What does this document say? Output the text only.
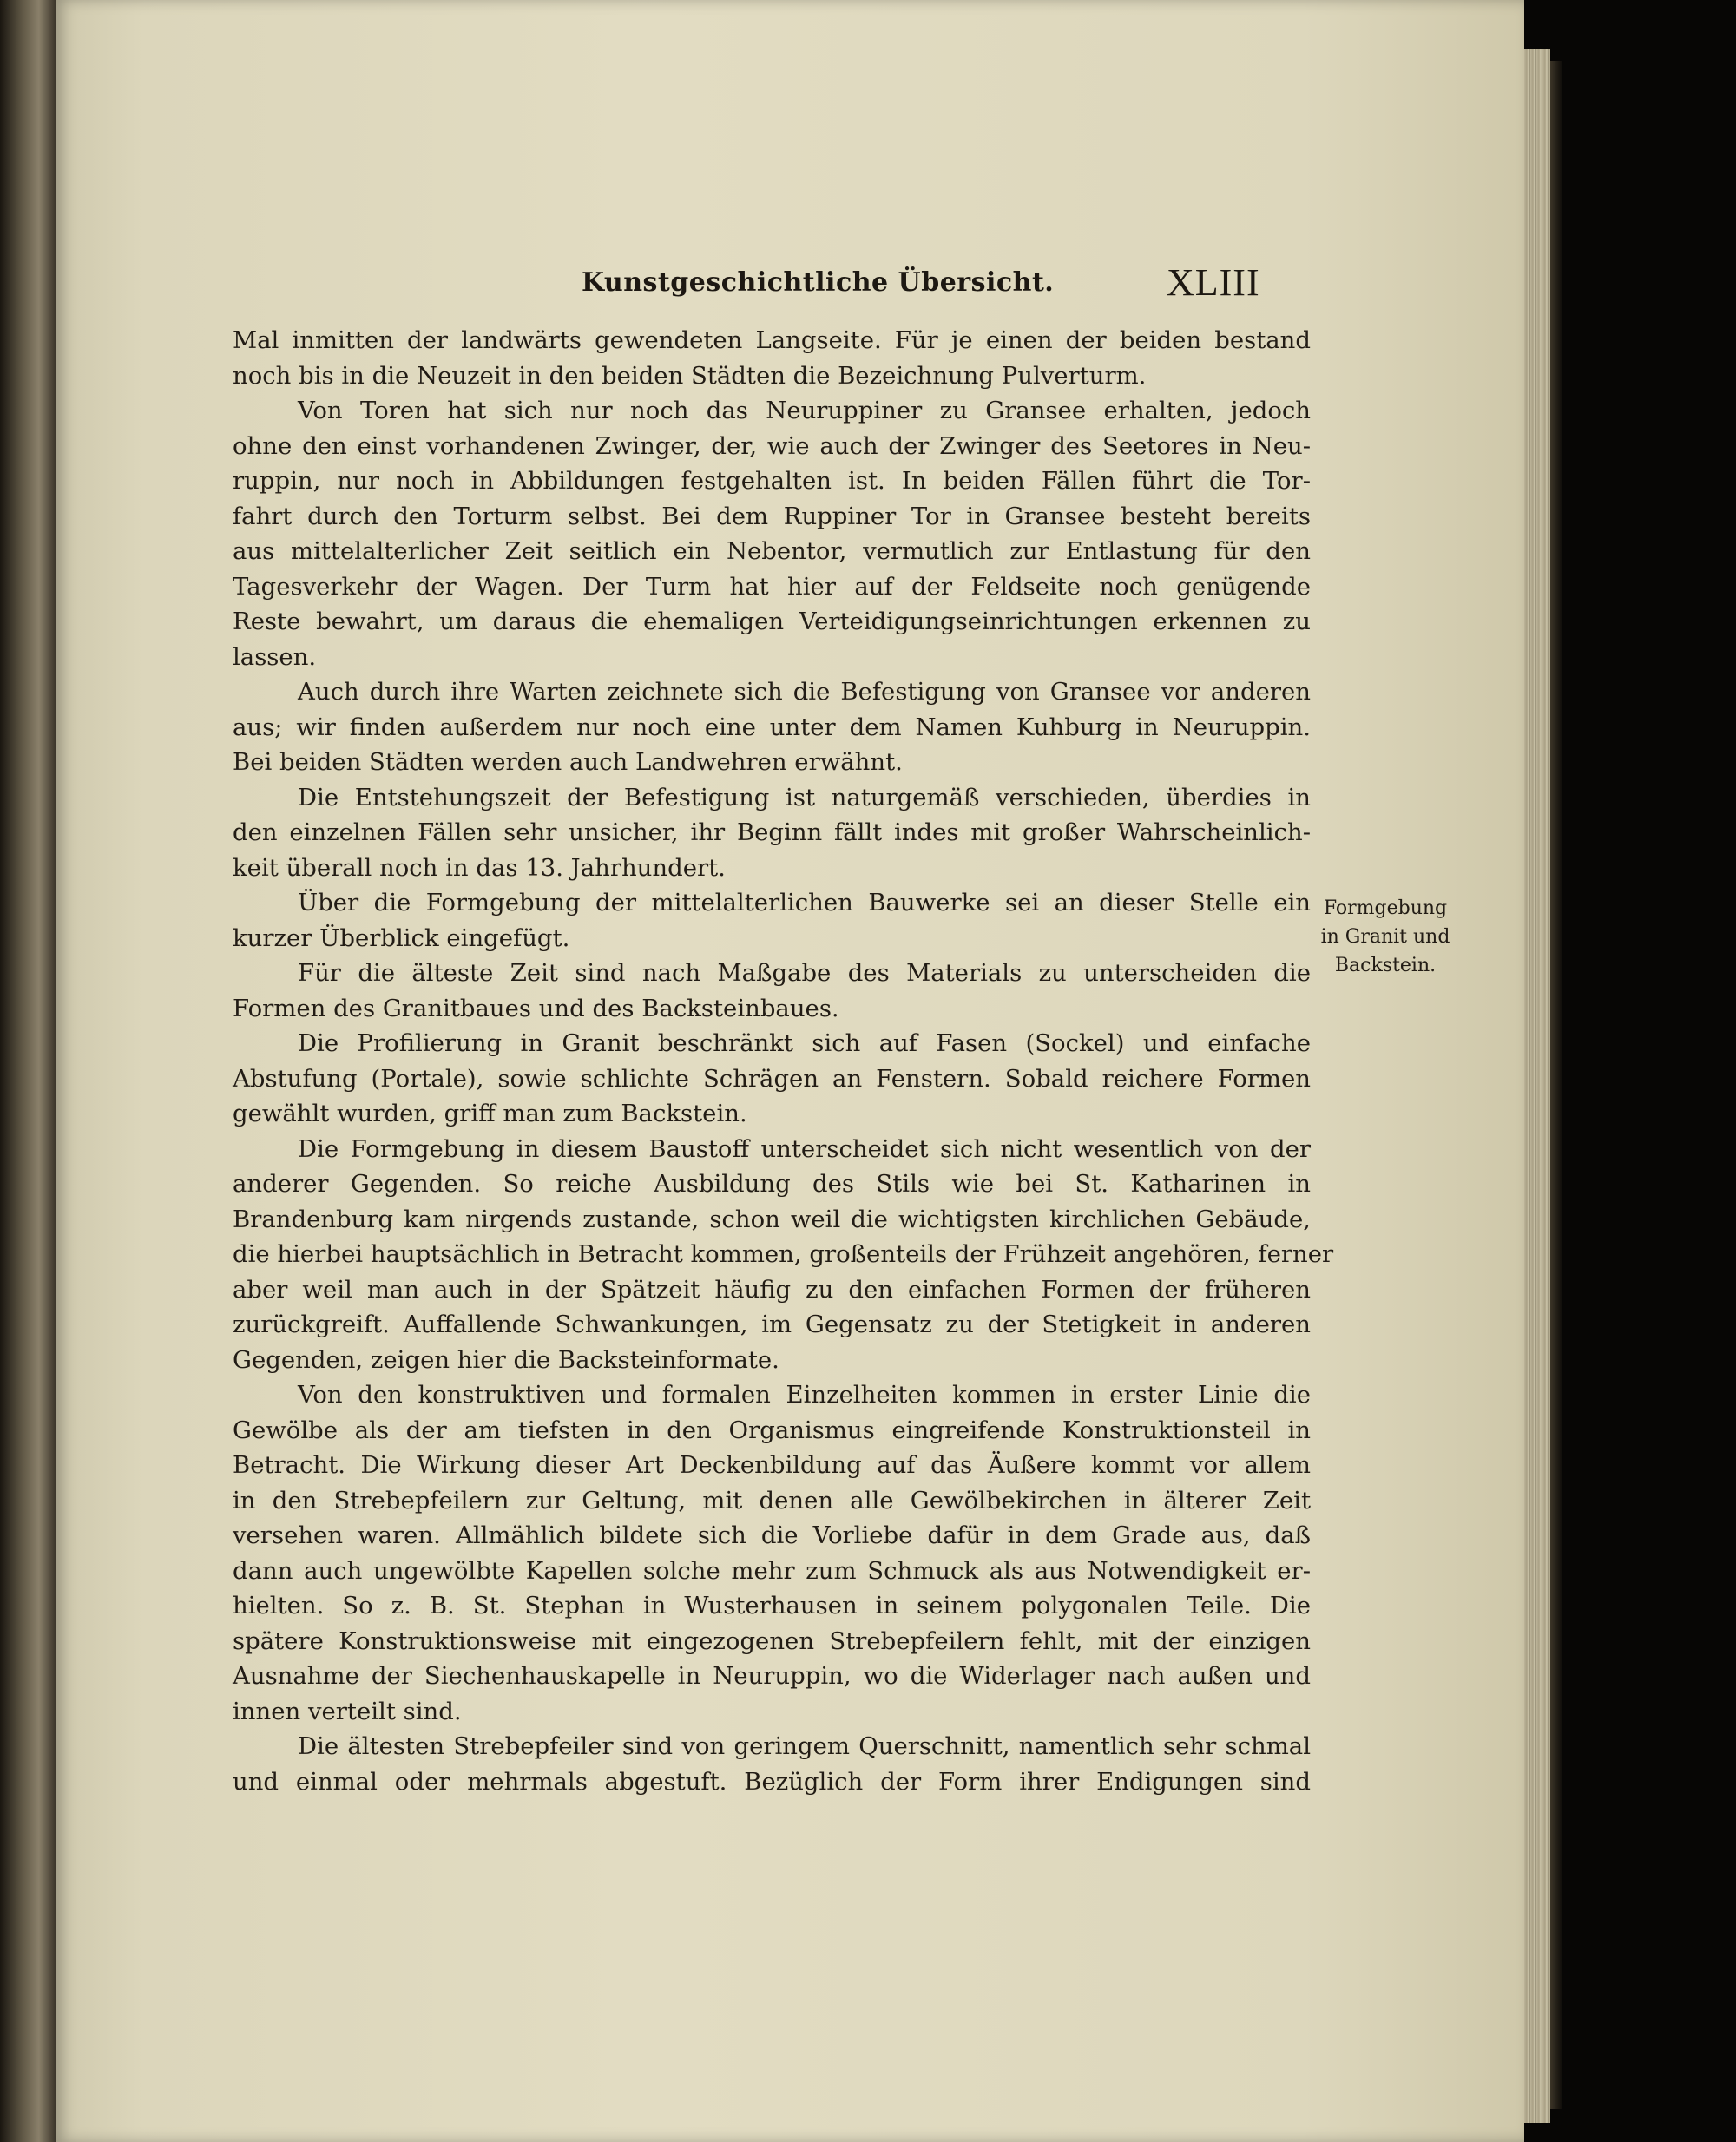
Kunstgeschichtliche Übersicht.	XLIII
Mal inmitten der landwärts gewendeten Langseite. Für je einen der beiden bestand
noch bis in die Neuzeit in den beiden Städten die Bezeichnung Pulverturm.
Von Toren hat sich nur noch das Neuruppiner zu Gransee erhalten, jedoch
ohne den einst vorhandenen Zwinger, der, wie auch der Zwinger des Seetores in Neu-
ruppin, nur noch in Abbildungen festgehalten ist. In beiden Fällen führt die Tor-
fahrt durch den Torturm selbst. Bei dem Ruppiner Tor in Gransee besteht bereits
aus mittelalterlicher Zeit seitlich ein Nebentor, vermutlich zur Entlastung für den
Tagesverkehr der Wagen. Der Turm hat hier auf der Feldseite noch genügende
Reste bewahrt, um daraus die ehemaligen Verteidigungseinrichtungen erkennen zu
lassen.
Auch durch ihre Warten zeichnete sich die Befestigung von Gransee vor anderen
aus; wir finden außerdem nur noch eine unter dem Namen Kuhburg in Neuruppin.
Bei beiden Städten werden auch Landwehren erwähnt.
Die Entstehungszeit der Befestigung ist naturgemäß verschieden, überdies in
den einzelnen Fällen sehr unsicher, ihr Beginn fällt indes mit großer Wahrscheinlich-
keit überall noch in das 13. Jahrhundert.
Über die Formgebung der mittelalterlichen Bauwerke sei an dieser Stelle ein
kurzer Überblick eingefügt.
Für die älteste Zeit sind nach Maßgabe des Materials zu unterscheiden die
Formen des Granitbaues und des Backsteinbaues.
Die Profilierung in Granit beschränkt sich auf Fasen (Sockel) und einfache
Abstufung (Portale), sowie schlichte Schrägen an Fenstern. Sobald reichere Formen
gewählt wurden, griff man zum Backstein.
Die Formgebung in diesem Baustoff unterscheidet sich nicht wesentlich von der
anderer Gegenden. So reiche Ausbildung des Stils wie bei St. Katharinen in
Brandenburg kam nirgends zustande, schon weil die wichtigsten kirchlichen Gebäude,
die hierbei hauptsächlich in Betracht kommen, großenteils der Frühzeit angehören, ferner
aber weil man auch in der Spätzeit häufig zu den einfachen Formen der früheren
zurückgreift. Auffallende Schwankungen, im Gegensatz zu der Stetigkeit in anderen
Gegenden, zeigen hier die Backsteinformate.
Von den konstruktiven und formalen Einzelheiten kommen in erster Linie die
Gewölbe als der am tiefsten in den Organismus eingreifende Konstruktionsteil in
Betracht. Die Wirkung dieser Art Deckenbildung auf das Äußere kommt vor allem
in den Strebepfeilern zur Geltung, mit denen alle Gewölbekirchen in älterer Zeit
versehen waren. Allmählich bildete sich die Vorliebe dafür in dem Grade aus, daß
dann auch ungewölbte Kapellen solche mehr zum Schmuck als aus Notwendigkeit er-
hielten. So z. B. St. Stephan in Wusterhausen in seinem polygonalen Teile. Die
spätere Konstruktionsweise mit eingezogenen Strebepfeilern fehlt, mit der einzigen
Ausnahme der Siechenhauskapelle in Neuruppin, wo die Widerlager nach außen und
innen verteilt sind.
Die ältesten Strebepfeiler sind von geringem Querschnitt, namentlich sehr schmal
und einmal oder mehrmals abgestuft. Bezüglich der Form ihrer Endigungen sind
Formgebung
in Granit und
Backstein.
